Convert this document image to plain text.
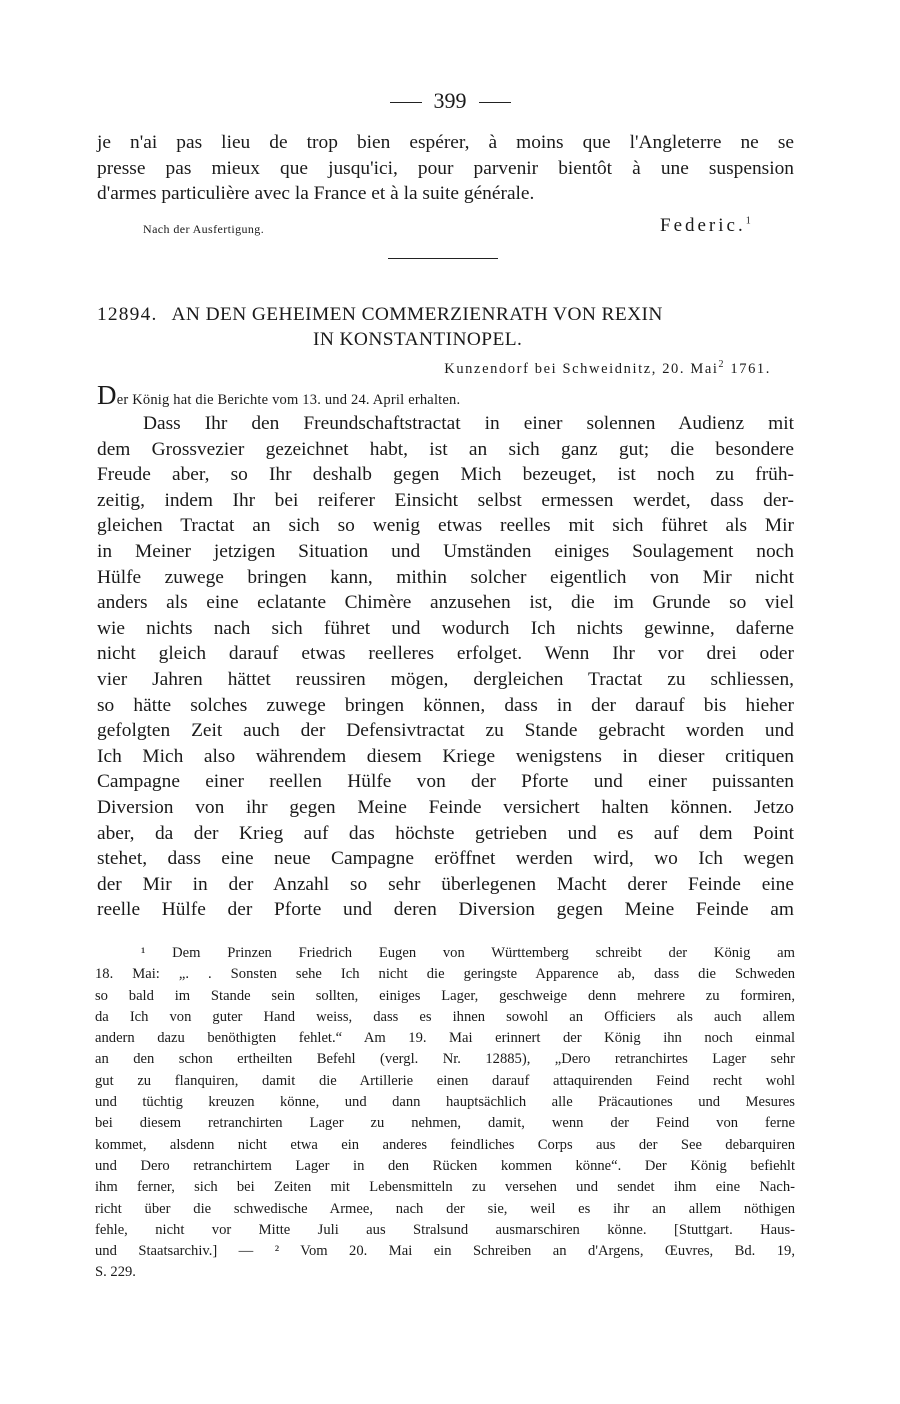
399
je n'ai pas lieu de trop bien espérer, à moins que l'Angleterre ne se
presse pas mieux que jusqu'ici, pour parvenir bientôt à une suspension
d'armes particulière avec la France et à la suite générale.
Nach der Ausfertigung.	Federic.$^1$
12894. AN DEN GEHEIMEN COMMERZIENRATH VON REXIN
IN KONSTANTINOPEL.
Kunzendorf bei Schweidnitz, 20. Mai$^2$ 1761.
Der König hat die Berichte vom 13. und 24. April erhalten.
Dass Ihr den Freundschaftstractat in einer solennen Audienz mit
dem Grossvezier gezeichnet habt, ist an sich ganz gut; die besondere
Freude aber, so Ihr deshalb gegen Mich bezeuget, ist noch zu früh-
zeitig, indem Ihr bei reiferer Einsicht selbst ermessen werdet, dass der-
gleichen Tractat an sich so wenig etwas reelles mit sich führet als Mir
in Meiner jetzigen Situation und Umständen einiges Soulagement noch
Hülfe zuwege bringen kann, mithin solcher eigentlich von Mir nicht
anders als eine eclatante Chimère anzusehen ist, die im Grunde so viel
wie nichts nach sich führet und wodurch Ich nichts gewinne, daferne
nicht gleich darauf etwas reelleres erfolget. Wenn Ihr vor drei oder
vier Jahren hättet reussiren mögen, dergleichen Tractat zu schliessen,
so hätte solches zuwege bringen können, dass in der darauf bis hieher
gefolgten Zeit auch der Defensivtractat zu Stande gebracht worden und
Ich Mich also währendem diesem Kriege wenigstens in dieser critiquen
Campagne einer reellen Hülfe von der Pforte und einer puissanten
Diversion von ihr gegen Meine Feinde versichert halten können. Jetzo
aber, da der Krieg auf das höchste getrieben und es auf dem Point
stehet, dass eine neue Campagne eröffnet werden wird, wo Ich wegen
der Mir in der Anzahl so sehr überlegenen Macht derer Feinde eine
reelle Hülfe der Pforte und deren Diversion gegen Meine Feinde am
¹ Dem Prinzen Friedrich Eugen von Württemberg schreibt der König am
18. Mai: „. . Sonsten sehe Ich nicht die geringste Apparence ab, dass die Schweden
so bald im Stande sein sollten, einiges Lager, geschweige denn mehrere zu formiren,
da Ich von guter Hand weiss, dass es ihnen sowohl an Officiers als auch allem
andern dazu benöthigten fehlet.“ Am 19. Mai erinnert der König ihn noch einmal
an den schon ertheilten Befehl (vergl. Nr. 12885), „Dero retranchirtes Lager sehr
gut zu flanquiren, damit die Artillerie einen darauf attaquirenden Feind recht wohl
und tüchtig kreuzen könne, und dann hauptsächlich alle Präcautiones und Mesures
bei diesem retranchirten Lager zu nehmen, damit, wenn der Feind von ferne
kommet, alsdenn nicht etwa ein anderes feindliches Corps aus der See debarquiren
und Dero retranchirtem Lager in den Rücken kommen könne“. Der König befiehlt
ihm ferner, sich bei Zeiten mit Lebensmitteln zu versehen und sendet ihm eine Nach-
richt über die schwedische Armee, nach der sie, weil es ihr an allem nöthigen
fehle, nicht vor Mitte Juli aus Stralsund ausmarschiren könne. [Stuttgart. Haus-
und Staatsarchiv.] — ² Vom 20. Mai ein Schreiben an d'Argens, Œuvres, Bd. 19,
S. 229.
